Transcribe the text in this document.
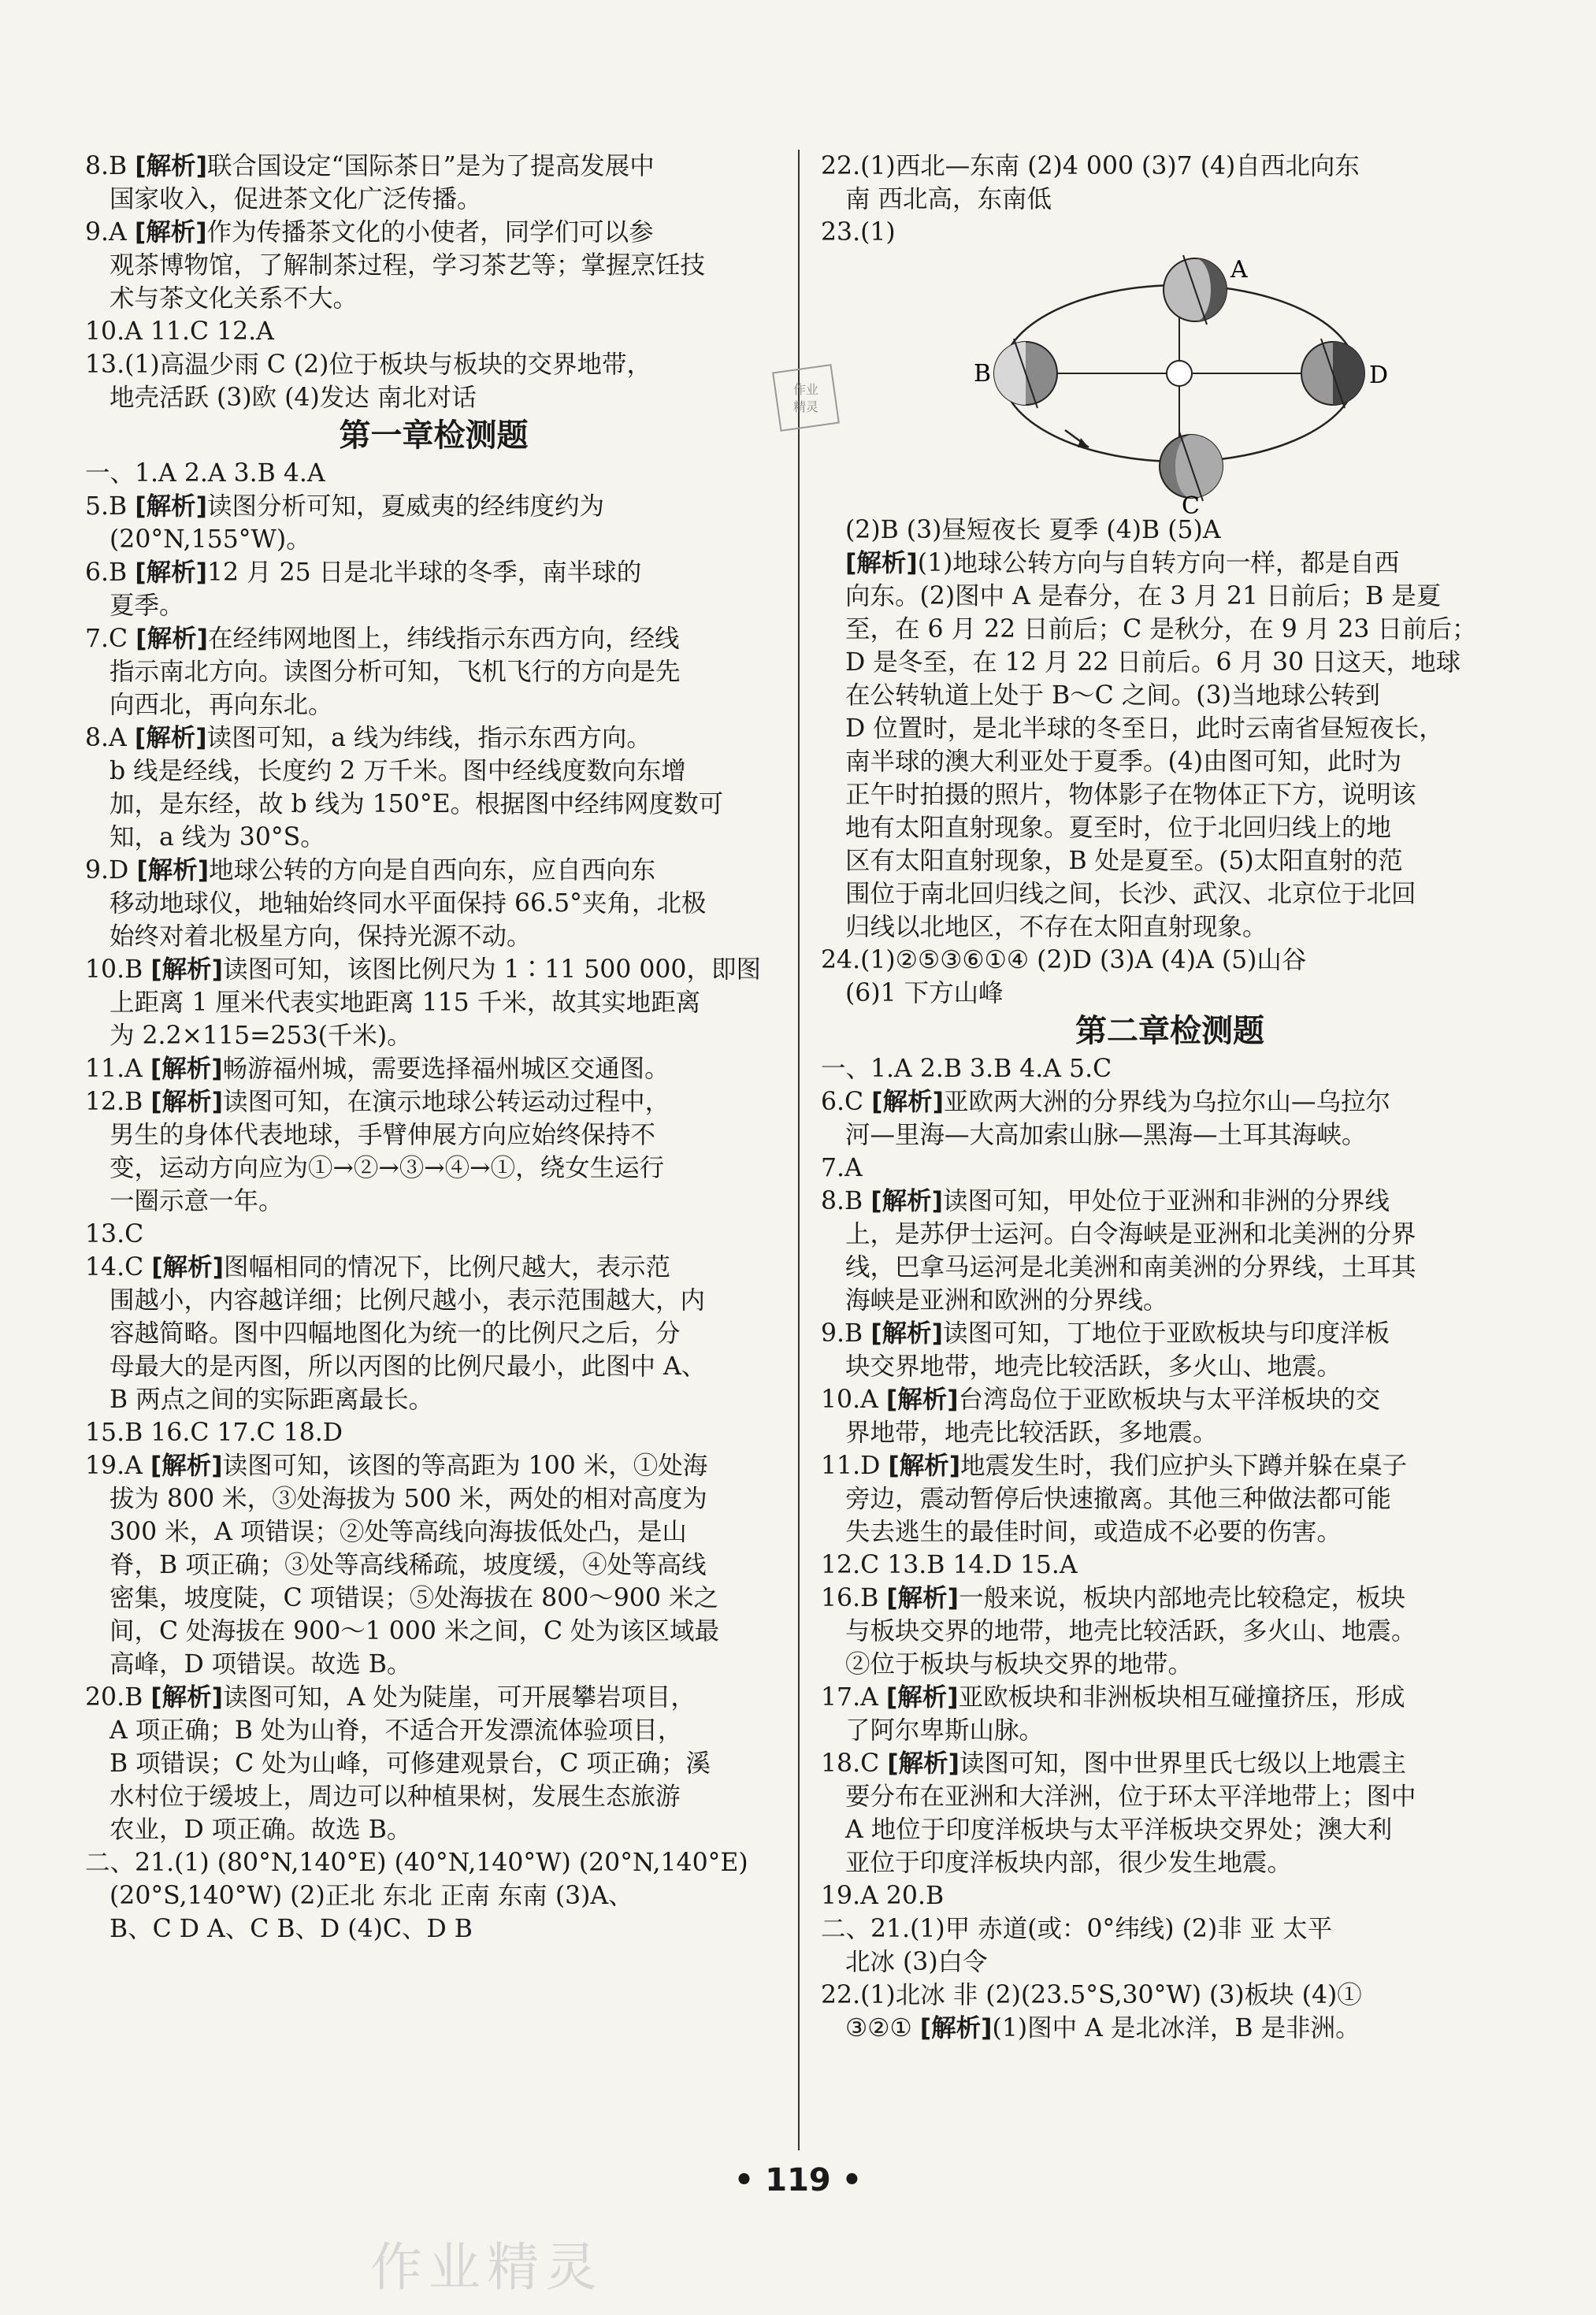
8.B [解析]联合国设定“国际茶日”是为了提高发展中
国家收入，促进茶文化广泛传播。
9.A [解析]作为传播茶文化的小使者，同学们可以参
观茶博物馆，了解制茶过程，学习茶艺等；掌握烹饪技
术与茶文化关系不大。
10.A 11.C 12.A
13.(1)高温少雨 C (2)位于板块与板块的交界地带，
地壳活跃 (3)欧 (4)发达 南北对话
第一章检测题
一、1.A 2.A 3.B 4.A
5.B [解析]读图分析可知，夏威夷的经纬度约为
(20°N,155°W)。
6.B [解析]12 月 25 日是北半球的冬季，南半球的
夏季。
7.C [解析]在经纬网地图上，纬线指示东西方向，经线
指示南北方向。读图分析可知，飞机飞行的方向是先
向西北，再向东北。
8.A [解析]读图可知，a 线为纬线，指示东西方向。
b 线是经线，长度约 2 万千米。图中经线度数向东增
加，是东经，故 b 线为 150°E。根据图中经纬网度数可
知，a 线为 30°S。
9.D [解析]地球公转的方向是自西向东，应自西向东
移动地球仪，地轴始终同水平面保持 66.5°夹角，北极
始终对着北极星方向，保持光源不动。
10.B [解析]读图可知，该图比例尺为 1∶11 500 000，即图
上距离 1 厘米代表实地距离 115 千米，故其实地距离
为 2.2×115=253(千米)。
11.A [解析]畅游福州城，需要选择福州城区交通图。
12.B [解析]读图可知，在演示地球公转运动过程中，
男生的身体代表地球，手臂伸展方向应始终保持不
变，运动方向应为①→②→③→④→①，绕女生运行
一圈示意一年。
13.C
14.C [解析]图幅相同的情况下，比例尺越大，表示范
围越小，内容越详细；比例尺越小，表示范围越大，内
容越简略。图中四幅地图化为统一的比例尺之后，分
母最大的是丙图，所以丙图的比例尺最小，此图中 A、
B 两点之间的实际距离最长。
15.B 16.C 17.C 18.D
19.A [解析]读图可知，该图的等高距为 100 米，①处海
拔为 800 米，③处海拔为 500 米，两处的相对高度为
300 米，A 项错误；②处等高线向海拔低处凸，是山
脊，B 项正确；③处等高线稀疏，坡度缓，④处等高线
密集，坡度陡，C 项错误；⑤处海拔在 800～900 米之
间，C 处海拔在 900～1 000 米之间，C 处为该区域最
高峰，D 项错误。故选 B。
20.B [解析]读图可知，A 处为陡崖，可开展攀岩项目，
A 项正确；B 处为山脊，不适合开发漂流体验项目，
B 项错误；C 处为山峰，可修建观景台，C 项正确；溪
水村位于缓坡上，周边可以种植果树，发展生态旅游
农业，D 项正确。故选 B。
二、21.(1) (80°N,140°E) (40°N,140°W) (20°N,140°E)
(20°S,140°W) (2)正北 东北 正南 东南 (3)A、
B、C D A、C B、D (4)C、D B
22.(1)西北—东南 (2)4 000 (3)7 (4)自西北向东
南 西北高，东南低
23.(1)
A
B
C
D
(2)B (3)昼短夜长 夏季 (4)B (5)A
[解析](1)地球公转方向与自转方向一样，都是自西
向东。(2)图中 A 是春分，在 3 月 21 日前后；B 是夏
至，在 6 月 22 日前后；C 是秋分，在 9 月 23 日前后；
D 是冬至，在 12 月 22 日前后。6 月 30 日这天，地球
在公转轨道上处于 B～C 之间。(3)当地球公转到
D 位置时，是北半球的冬至日，此时云南省昼短夜长，
南半球的澳大利亚处于夏季。(4)由图可知，此时为
正午时拍摄的照片，物体影子在物体正下方，说明该
地有太阳直射现象。夏至时，位于北回归线上的地
区有太阳直射现象，B 处是夏至。(5)太阳直射的范
围位于南北回归线之间，长沙、武汉、北京位于北回
归线以北地区，不存在太阳直射现象。
24.(1)②⑤③⑥①④ (2)D (3)A (4)A (5)山谷
(6)1 下方山峰
第二章检测题
一、1.A 2.B 3.B 4.A 5.C
6.C [解析]亚欧两大洲的分界线为乌拉尔山—乌拉尔
河—里海—大高加索山脉—黑海—土耳其海峡。
7.A
8.B [解析]读图可知，甲处位于亚洲和非洲的分界线
上，是苏伊士运河。白令海峡是亚洲和北美洲的分界
线，巴拿马运河是北美洲和南美洲的分界线，土耳其
海峡是亚洲和欧洲的分界线。
9.B [解析]读图可知，丁地位于亚欧板块与印度洋板
块交界地带，地壳比较活跃，多火山、地震。
10.A [解析]台湾岛位于亚欧板块与太平洋板块的交
界地带，地壳比较活跃，多地震。
11.D [解析]地震发生时，我们应护头下蹲并躲在桌子
旁边，震动暂停后快速撤离。其他三种做法都可能
失去逃生的最佳时间，或造成不必要的伤害。
12.C 13.B 14.D 15.A
16.B [解析]一般来说，板块内部地壳比较稳定，板块
与板块交界的地带，地壳比较活跃，多火山、地震。
②位于板块与板块交界的地带。
17.A [解析]亚欧板块和非洲板块相互碰撞挤压，形成
了阿尔卑斯山脉。
18.C [解析]读图可知，图中世界里氏七级以上地震主
要分布在亚洲和大洋洲，位于环太平洋地带上；图中
A 地位于印度洋板块与太平洋板块交界处；澳大利
亚位于印度洋板块内部，很少发生地震。
19.A 20.B
二、21.(1)甲 赤道(或：0°纬线) (2)非 亚 太平
北冰 (3)白令
22.(1)北冰 非 (2)(23.5°S,30°W) (3)板块 (4)①
③②① [解析](1)图中 A 是北冰洋，B 是非洲。
作业
精灵
• 119 •
作业精灵
